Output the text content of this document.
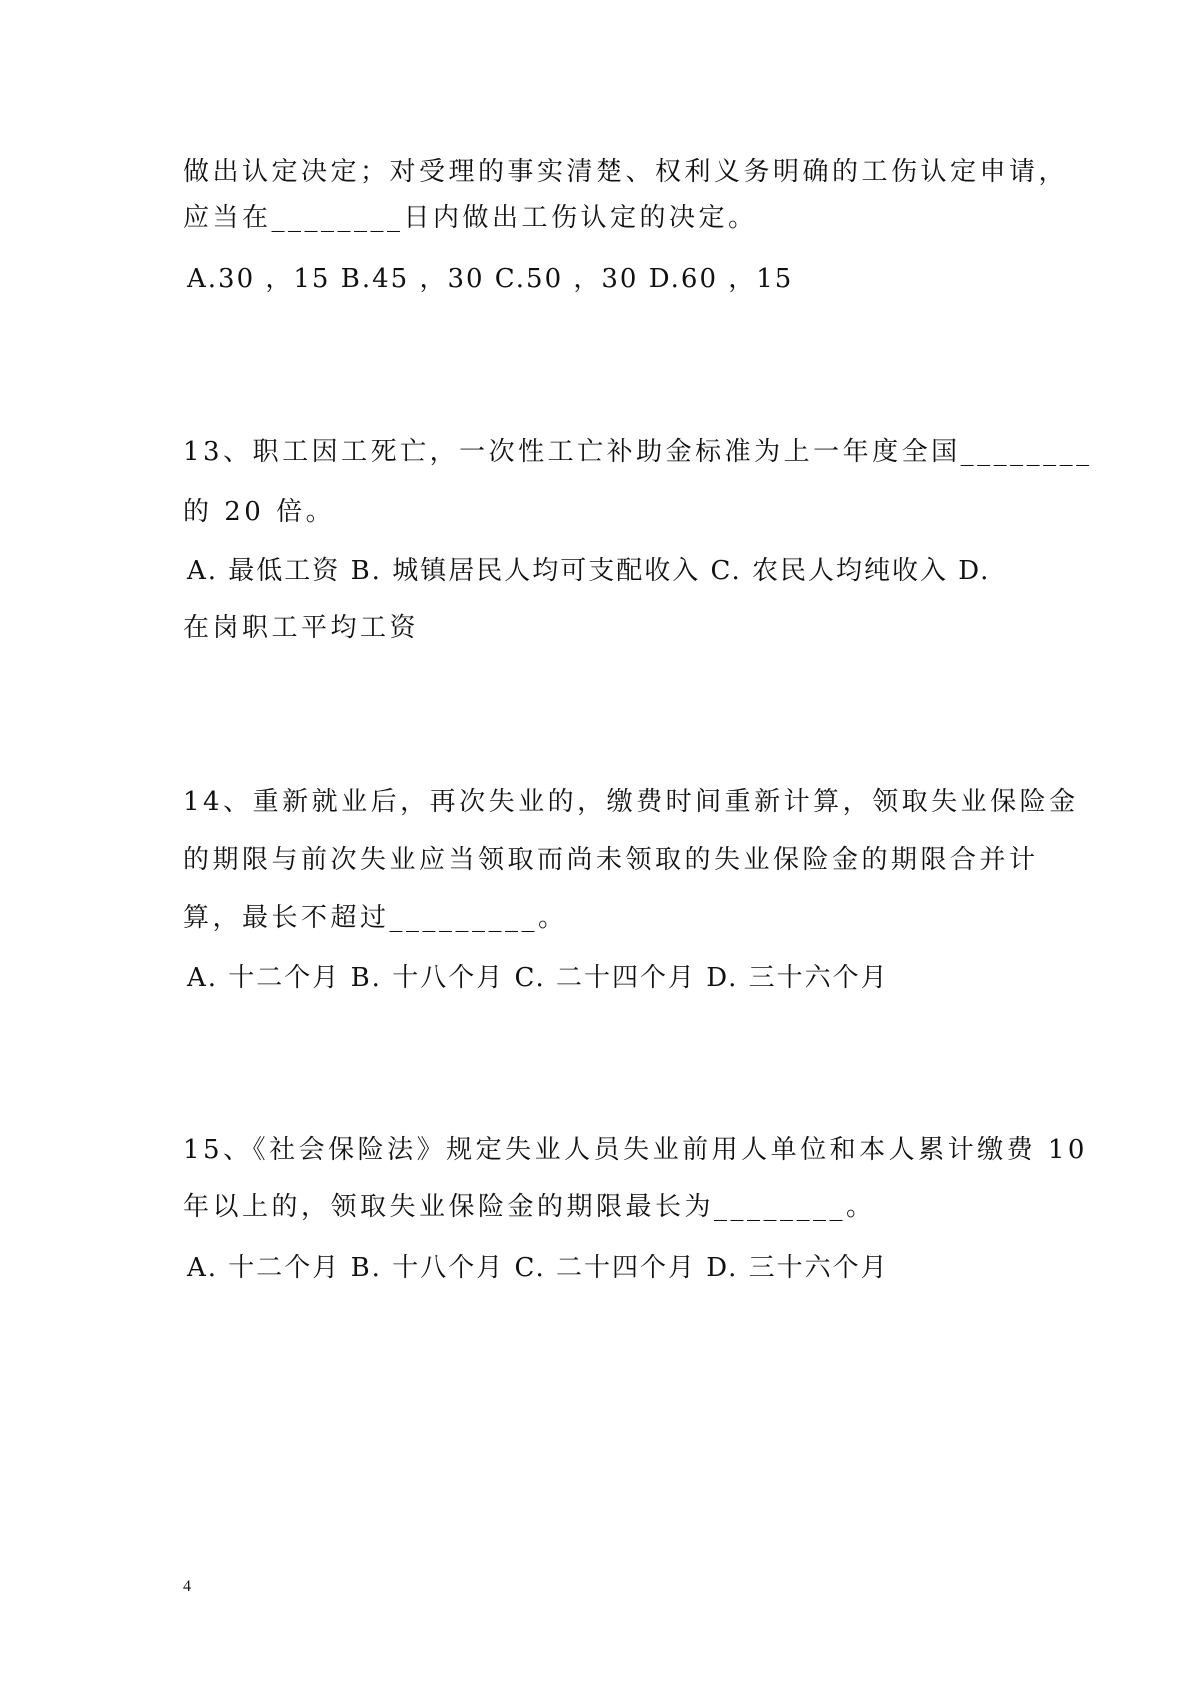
做出认定决定；对受理的事实清楚、权利义务明确的工伤认定申请，
应当在________日内做出工伤认定的决定。
A.30 ，15 B.45 ，30 C.50 ，30 D.60 ，15
13、职工因工死亡，一次性工亡补助金标准为上一年度全国________
的 20 倍。
A. 最低工资 B. 城镇居民人均可支配收入 C. 农民人均纯收入 D.
在岗职工平均工资
14、重新就业后，再次失业的，缴费时间重新计算，领取失业保险金
的期限与前次失业应当领取而尚未领取的失业保险金的期限合并计
算，最长不超过_________。
A. 十二个月 B. 十八个月 C. 二十四个月 D. 三十六个月
15、《社会保险法》规定失业人员失业前用人单位和本人累计缴费 10
年以上的，领取失业保险金的期限最长为________。
A. 十二个月 B. 十八个月 C. 二十四个月 D. 三十六个月
4
